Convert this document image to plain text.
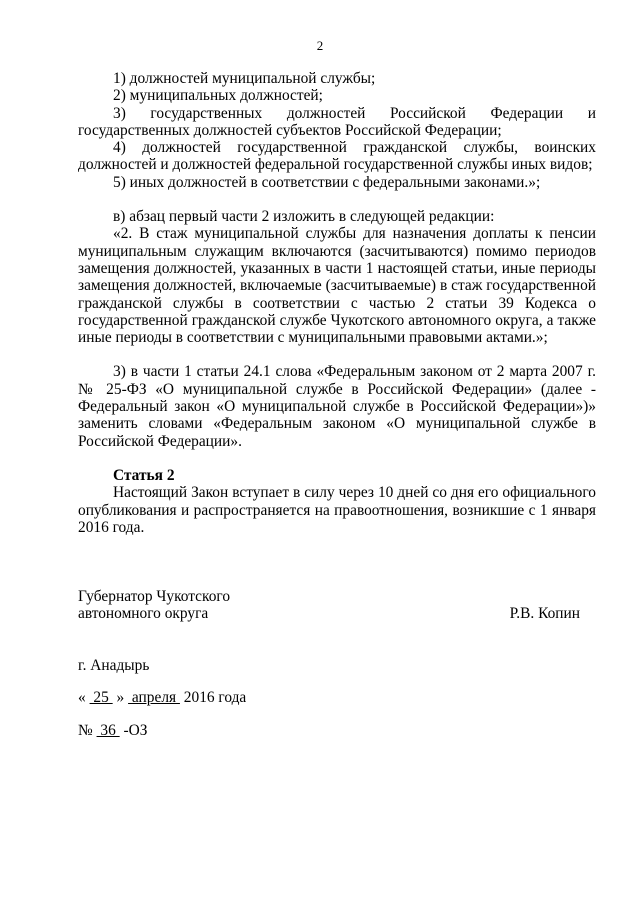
2

1) должностей муниципальной службы;

2) муниципальных должностей;

3) государственных должностей Российской Федерации и государственных должностей субъектов Российской Федерации;

4) должностей государственной гражданской службы, воинских должностей и должностей федеральной государственной службы иных видов;

5) иных должностей в соответствии с федеральными законами.»;

в) абзац первый части 2 изложить в следующей редакции:

«2. В стаж муниципальной службы для назначения доплаты к пенсии муниципальным служащим включаются (засчитываются) помимо периодов замещения должностей, указанных в части 1 настоящей статьи, иные периоды замещения должностей, включаемые (засчитываемые) в стаж государственной гражданской службы в соответствии с частью 2 статьи 39 Кодекса о государственной гражданской службе Чукотского автономного округа, а также иные периоды в соответствии с муниципальными правовыми актами.»;

3) в части 1 статьи 24.1 слова «Федеральным законом от 2 марта 2007 г. № 25-ФЗ «О муниципальной службе в Российской Федерации» (далее - Федеральный закон «О муниципальной службе в Российской Федерации»)» заменить словами «Федеральным законом «О муниципальной службе в Российской Федерации».

Статья 2

Настоящий Закон вступает в силу через 10 дней со дня его официального опубликования и распространяется на правоотношения, возникшие с 1 января 2016 года.

Губернатор Чукотского
автономного округа	Р.В. Копин
г. Анадырь
«  25  »  апреля  2016 года
№  36  -ОЗ
